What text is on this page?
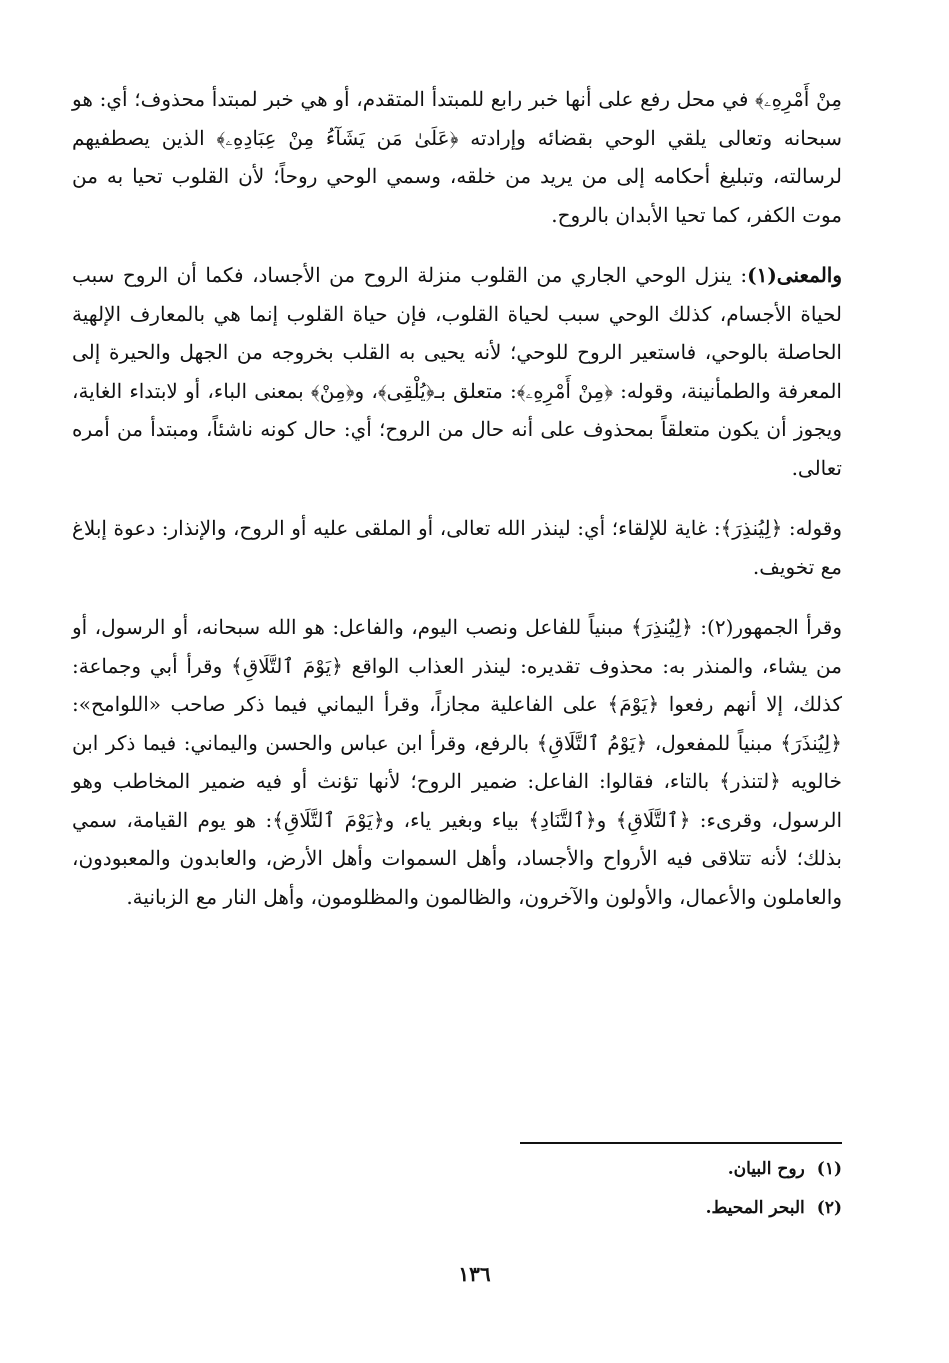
مِنْ أَمْرِهِۦ﴾ في محل رفع على أنها خبر رابع للمبتدأ المتقدم، أو هي خبر لمبتدأ محذوف؛ أي: هو سبحانه وتعالى يلقي الوحي بقضائه وإرادته ﴿عَلَىٰ مَن يَشَآءُ مِنْ عِبَادِهِۦ﴾ الذين يصطفيهم لرسالته، وتبليغ أحكامه إلى من يريد من خلقه، وسمي الوحي روحاً؛ لأن القلوب تحيا به من موت الكفر، كما تحيا الأبدان بالروح.

والمعنى(١): ينزل الوحي الجاري من القلوب منزلة الروح من الأجساد، فكما أن الروح سبب لحياة الأجسام، كذلك الوحي سبب لحياة القلوب، فإن حياة القلوب إنما هي بالمعارف الإلهية الحاصلة بالوحي، فاستعير الروح للوحي؛ لأنه يحيى به القلب بخروجه من الجهل والحيرة إلى المعرفة والطمأنينة، وقوله: ﴿مِنْ أَمْرِهِۦ﴾: متعلق بـ﴿يُلْقِى﴾، و﴿مِنْ﴾ بمعنى الباء، أو لابتداء الغاية، ويجوز أن يكون متعلقاً بمحذوف على أنه حال من الروح؛ أي: حال كونه ناشئاً، ومبتدأ من أمره تعالى.

وقوله: ﴿لِيُنذِرَ﴾: غاية للإلقاء؛ أي: لينذر الله تعالى، أو الملقى عليه أو الروح، والإنذار: دعوة إبلاغ مع تخويف.

وقرأ الجمهور(٢): ﴿لِيُنذِرَ﴾ مبنياً للفاعل ونصب اليوم، والفاعل: هو الله سبحانه، أو الرسول، أو من يشاء، والمنذر به: محذوف تقديره: لينذر العذاب الواقع ﴿يَوْمَ ٱلتَّلَاقِ﴾ وقرأ أبي وجماعة: كذلك، إلا أنهم رفعوا ﴿يَوْمَ﴾ على الفاعلية مجازاً، وقرأ اليماني فيما ذكر صاحب «اللوامح»: ﴿لِيُنذَرَ﴾ مبنياً للمفعول، ﴿يَوْمُ ٱلتَّلَاقِ﴾ بالرفع، وقرأ ابن عباس والحسن واليماني: فيما ذكر ابن خالويه ﴿لتنذر﴾ بالتاء، فقالوا: الفاعل: ضمير الروح؛ لأنها تؤنث أو فيه ضمير المخاطب وهو الرسول، وقرىء: ﴿ٱلتَّلَاقِ﴾ و﴿ٱلتَّنَادِ﴾ بياء وبغير ياء، و﴿يَوْمَ ٱلتَّلَاقِ﴾: هو يوم القيامة، سمي بذلك؛ لأنه تتلاقى فيه الأرواح والأجساد، وأهل السموات وأهل الأرض، والعابدون والمعبودون، والعاملون والأعمال، والأولون والآخرون، والظالمون والمظلومون، وأهل النار مع الزبانية.

(١)روح البيان.

(٢)البحر المحيط.

١٣٦
